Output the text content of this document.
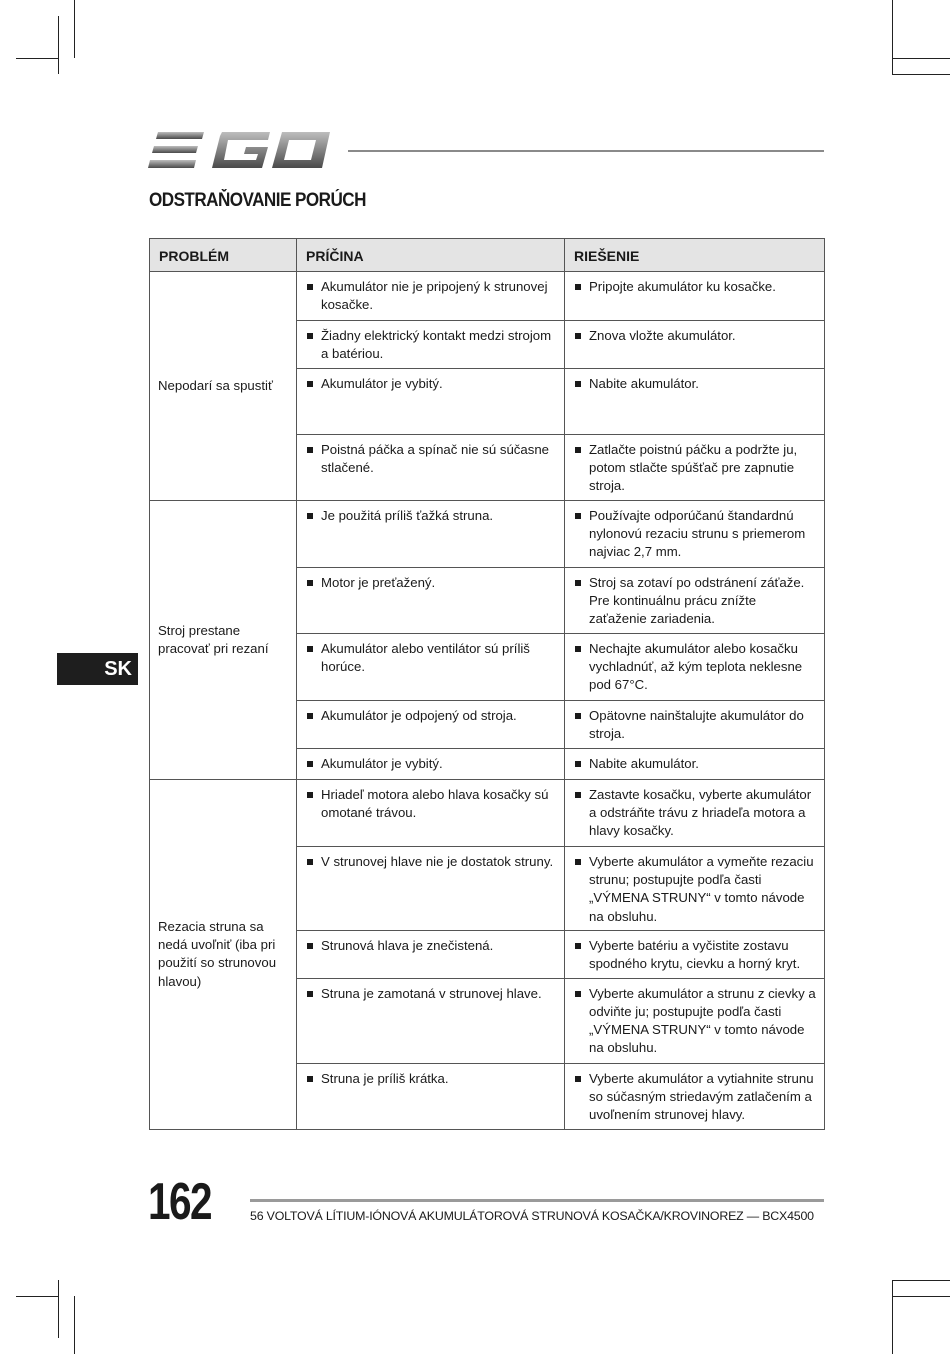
ODSTRAŇOVANIE PORÚCH
SK
PROBLÉM	PRÍČINA	RIEŠENIE
Nepodarí sa spustiť	Akumulátor nie je pripojený k strunovej kosačke.	Pripojte akumulátor ku kosačke.

	Žiadny elektrický kontakt medzi strojom a batériou.	Znova vložte akumulátor.

	Akumulátor je vybitý.	Nabite akumulátor.

	Poistná páčka a spínač nie sú súčasne stlačené.	Zatlačte poistnú páčku a podržte ju, potom stlačte spúšťač pre zapnutie stroja.

Stroj prestane pracovať pri rezaní	Je použitá príliš ťažká struna.	Používajte odporúčanú štandardnú nylonovú rezaciu strunu s priemerom najviac 2,7 mm.

	Motor je preťažený.	Stroj sa zotaví po odstránení záťaže. Pre kontinuálnu prácu znížte zaťaženie zariadenia.

	Akumulátor alebo ventilátor sú príliš horúce.	Nechajte akumulátor alebo kosačku vychladnúť, až kým teplota neklesne pod 67°C.

	Akumulátor je odpojený od stroja.	Opätovne nainštalujte akumulátor do stroja.

	Akumulátor je vybitý.	Nabite akumulátor.

Rezacia struna sa nedá uvoľniť (iba pri použití so strunovou hlavou)	Hriadeľ motora alebo hlava kosačky sú omotané trávou.	Zastavte kosačku, vyberte akumulátor a odstráňte trávu z hriadeľa motora a hlavy kosačky.

	V strunovej hlave nie je dostatok struny.	Vyberte akumulátor a vymeňte rezaciu strunu; postupujte podľa časti „VÝMENA STRUNY“ v tomto návode na obsluhu.

	Strunová hlava je znečistená.	Vyberte batériu a vyčistite zostavu spodného krytu, cievku a horný kryt.

	Struna je zamotaná v strunovej hlave.	Vyberte akumulátor a strunu z cievky a odviňte ju; postupujte podľa časti „VÝMENA STRUNY“ v tomto návode na obsluhu.

	Struna je príliš krátka.	Vyberte akumulátor a vytiahnite strunu so súčasným striedavým zatlačením a uvoľnením strunovej hlavy.
162	56 VOLTOVÁ LÍTIUM-IÓNOVÁ AKUMULÁTOROVÁ STRUNOVÁ KOSAČKA/KROVINOREZ — BCX4500
